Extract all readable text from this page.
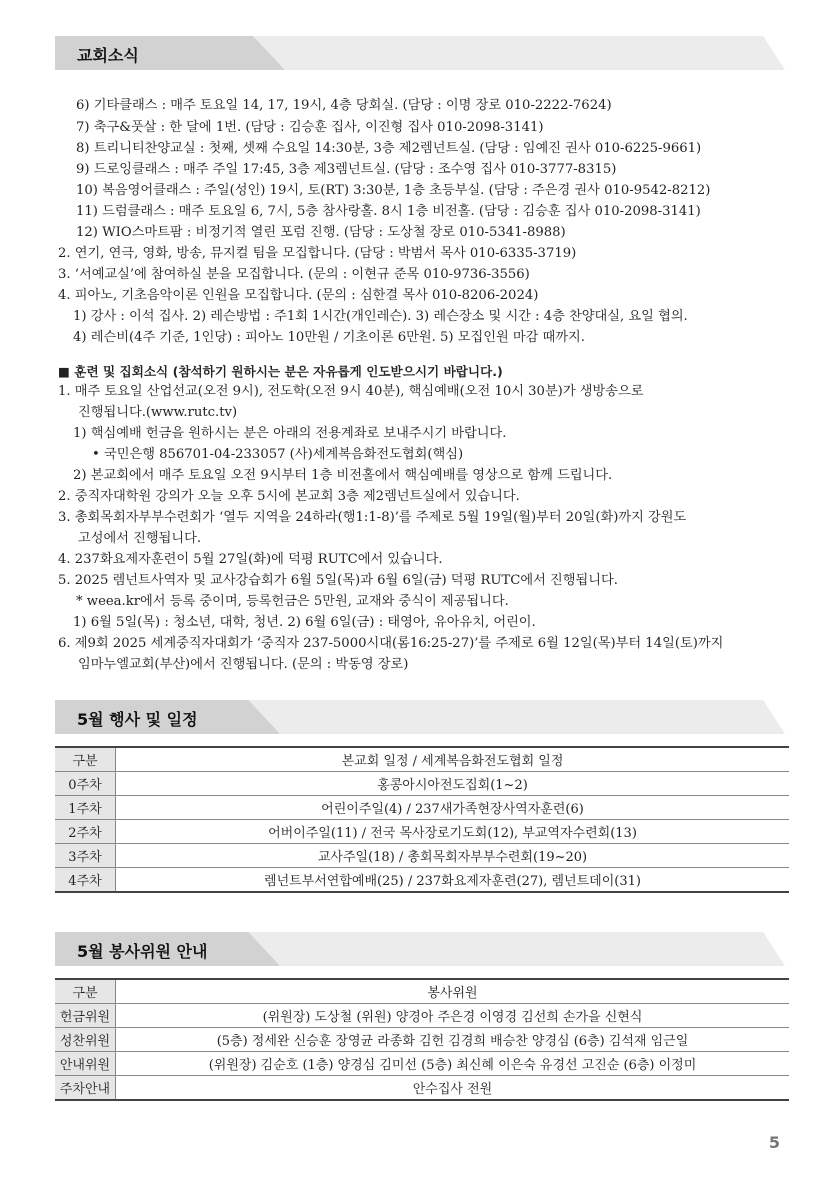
교회소식
6) 기타클래스 : 매주 토요일 14, 17, 19시, 4층 당회실. (담당 : 이명 장로 010-2222-7624)
7) 축구&풋살 : 한 달에 1번. (담당 : 김승훈 집사, 이진형 집사 010-2098-3141)
8) 트리니티찬양교실 : 첫째, 셋째 수요일 14:30분, 3층 제2렘넌트실. (담당 : 임예진 권사 010-6225-9661)
9) 드로잉클래스 : 매주 주일 17:45, 3층 제3렘넌트실. (담당 : 조수영 집사 010-3777-8315)
10) 복음영어클래스 : 주일(성인) 19시, 토(RT) 3:30분, 1층 초등부실. (담당 : 주은경 권사 010-9542-8212)
11) 드럼클래스 : 매주 토요일 6, 7시, 5층 참사랑홀. 8시 1층 비전홀. (담당 : 김승훈 집사 010-2098-3141)
12) WIO스마트팜 : 비정기적 열린 포럼 진행. (담당 : 도상철 장로 010-5341-8988)
2. 연기, 연극, 영화, 방송, 뮤지컬 팀을 모집합니다. (담당 : 박범서 목사 010-6335-3719)
3. ‘서예교실’에 참여하실 분을 모집합니다. (문의 : 이현규 준목 010-9736-3556)
4. 피아노, 기초음악이론 인원을 모집합니다. (문의 : 심한결 목사 010-8206-2024)
1) 강사 : 이석 집사. 2) 레슨방법 : 주1회 1시간(개인레슨). 3) 레슨장소 및 시간 : 4층 찬양대실, 요일 협의.
4) 레슨비(4주 기준, 1인당) : 피아노 10만원 / 기초이론 6만원. 5) 모집인원 마감 때까지.
■ 훈련 및 집회소식 (참석하기 원하시는 분은 자유롭게 인도받으시기 바랍니다.)
1. 매주 토요일 산업선교(오전 9시), 전도학(오전 9시 40분), 핵심예배(오전 10시 30분)가 생방송으로
진행됩니다.(www.rutc.tv)
1) 핵심예배 헌금을 원하시는 분은 아래의 전용계좌로 보내주시기 바랍니다.
• 국민은행 856701-04-233057 (사)세계복음화전도협회(핵심)
2) 본교회에서 매주 토요일 오전 9시부터 1층 비전홀에서 핵심예배를 영상으로 함께 드립니다.
2. 중직자대학원 강의가 오늘 오후 5시에 본교회 3층 제2렘넌트실에서 있습니다.
3. 총회목회자부부수련회가 ‘열두 지역을 24하라(행1:1-8)’를 주제로 5월 19일(월)부터 20일(화)까지 강원도
고성에서 진행됩니다.
4. 237화요제자훈련이 5월 27일(화)에 덕평 RUTC에서 있습니다.
5. 2025 렘넌트사역자 및 교사강습회가 6월 5일(목)과 6월 6일(금) 덕평 RUTC에서 진행됩니다.
* weea.kr에서 등록 중이며, 등록헌금은 5만원, 교재와 중식이 제공됩니다.
1) 6월 5일(목) : 청소년, 대학, 청년. 2) 6월 6일(금) : 태영아, 유아유치, 어린이.
6. 제9회 2025 세계중직자대회가 ‘중직자 237-5000시대(롬16:25-27)’를 주제로 6월 12일(목)부터 14일(토)까지
임마누엘교회(부산)에서 진행됩니다. (문의 : 박동영 장로)
5월 행사 및 일정
구분	본교회 일정 / 세계복음화전도협회 일정
0주차	홍콩아시아전도집회(1~2)
1주차	어린이주일(4) / 237새가족현장사역자훈련(6)
2주차	어버이주일(11) / 전국 목사장로기도회(12), 부교역자수련회(13)
3주차	교사주일(18) / 총회목회자부부수련회(19~20)
4주차	렘넌트부서연합예배(25) / 237화요제자훈련(27), 렘넌트데이(31)
5월 봉사위원 안내
구분	봉사위원
헌금위원	(위원장) 도상철 (위원) 양경아 주은경 이영경 김선희 손가을 신현식
성찬위원	(5층) 정세완 신승훈 장영균 라종화 김헌 김경희 배승찬 양경심 (6층) 김석재 임근일
안내위원	(위원장) 김순호 (1층) 양경심 김미선 (5층) 최신혜 이은숙 유경선 고진순 (6층) 이정미
주차안내	안수집사 전원
5
